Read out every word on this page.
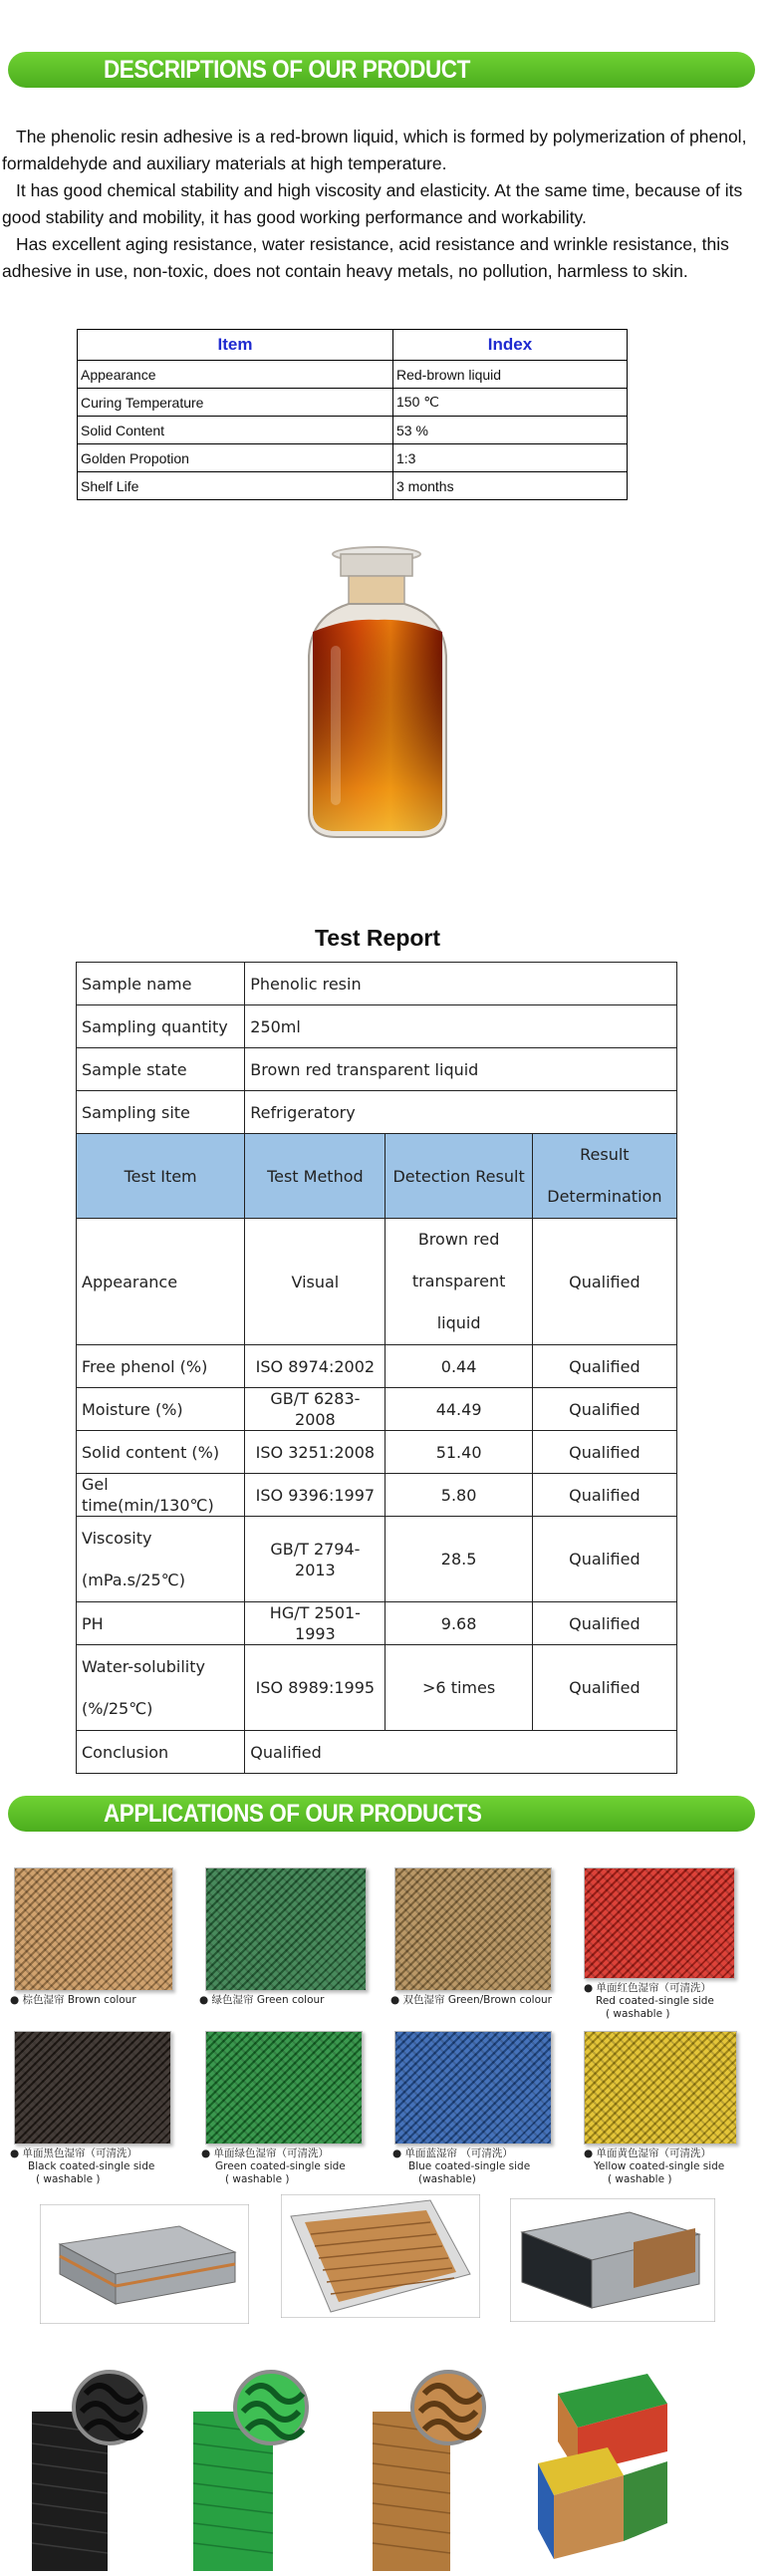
DESCRIPTIONS OF OUR PRODUCT

The phenolic resin adhesive is a red-brown liquid, which is formed by polymerization of phenol, formaldehyde and auxiliary materials at high temperature.

It has good chemical stability and high viscosity and elasticity. At the same time, because of its good stability and mobility, it has good working performance and workability.

Has excellent aging resistance, water resistance, acid resistance and wrinkle resistance, this adhesive in use, non-toxic, does not contain heavy metals, no pollution, harmless to skin.

Item	Index
Appearance	Red-brown liquid
Curing Temperature	150 ℃
Solid Content	53 %
Golden Propotion	1:3
Shelf Life	3 months
Test Report
Sample name	Phenolic resin		
Sampling quantity	250ml		
Sample state	Brown red transparent liquid		
Sampling site	Refrigeratory		
Test Item	Test Method	Detection Result	Result Determination
Appearance	Visual	Brown red transparent liquid	Qualified
Free phenol (%)	ISO 8974:2002	0.44	Qualified
Moisture (%)	GB/T 6283-2008	44.49	Qualified
Solid content (%)	ISO 3251:2008	51.40	Qualified
Gel time(min/130℃)	ISO 9396:1997	5.80	Qualified
Viscosity (mPa.s/25℃)	GB/T 2794-2013	28.5	Qualified
PH	HG/T 2501-1993	9.68	Qualified
Water-solubility (%/25℃)	ISO 8989:1995	>6 times	Qualified
Conclusion	Qualified		
APPLICATIONS OF OUR PRODUCTS
● 棕色湿帘 Brown colour	● 绿色湿帘 Green colour	● 双色湿帘 Green/Brown colour
● 单面红色湿帘（可清洗）
Red coated-single side
( washable )
● 单面黑色湿帘（可清洗）
Black coated-single side
( washable )
● 单面绿色湿帘（可清洗）
Green coated-single side
( washable )
● 单面蓝湿帘 （可清洗）
Blue coated-single side
(washable)
● 单面黄色湿帘（可清洗）
Yellow coated-single side
( washable )
